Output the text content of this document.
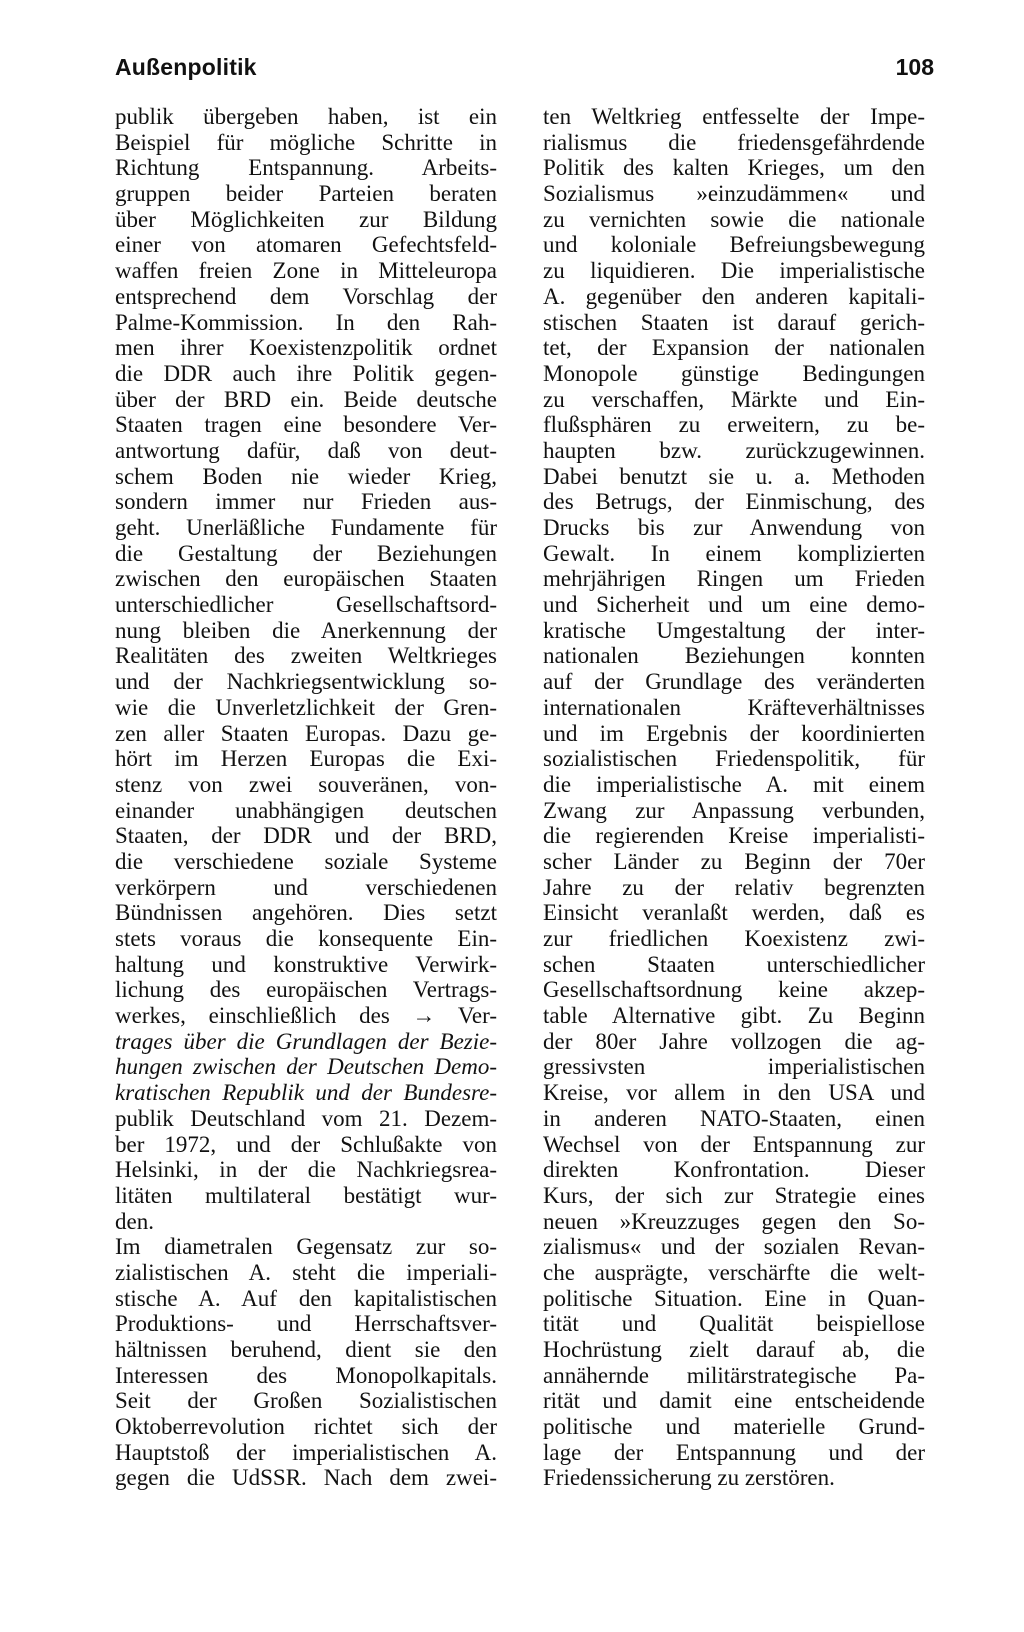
Außenpolitik	108
publik übergeben haben, ist ein
Beispiel für mögliche Schritte in
Richtung Entspannung. Arbeits-
gruppen beider Parteien beraten
über Möglichkeiten zur Bildung
einer von atomaren Gefechtsfeld-
waffen freien Zone in Mitteleuropa
entsprechend dem Vorschlag der
Palme-Kommission. In den Rah-
men ihrer Koexistenzpolitik ordnet
die DDR auch ihre Politik gegen-
über der BRD ein. Beide deutsche
Staaten tragen eine besondere Ver-
antwortung dafür, daß von deut-
schem Boden nie wieder Krieg,
sondern immer nur Frieden aus-
geht. Unerläßliche Fundamente für
die Gestaltung der Beziehungen
zwischen den europäischen Staaten
unterschiedlicher Gesellschaftsord-
nung bleiben die Anerkennung der
Realitäten des zweiten Weltkrieges
und der Nachkriegsentwicklung so-
wie die Unverletzlichkeit der Gren-
zen aller Staaten Europas. Dazu ge-
hört im Herzen Europas die Exi-
stenz von zwei souveränen, von-
einander unabhängigen deutschen
Staaten, der DDR und der BRD,
die verschiedene soziale Systeme
verkörpern und verschiedenen
Bündnissen angehören. Dies setzt
stets voraus die konsequente Ein-
haltung und konstruktive Verwirk-
lichung des europäischen Vertrags-
werkes, einschließlich des → Ver-
trages über die Grundlagen der Bezie-
hungen zwischen der Deutschen Demo-
kratischen Republik und der Bundesre-
publik Deutschland vom 21. Dezem-
ber 1972, und der Schlußakte von
Helsinki, in der die Nachkriegsrea-
litäten multilateral bestätigt wur-
den.
Im diametralen Gegensatz zur so-
zialistischen A. steht die imperiali-
stische A. Auf den kapitalistischen
Produktions- und Herrschaftsver-
hältnissen beruhend, dient sie den
Interessen des Monopolkapitals.
Seit der Großen Sozialistischen
Oktoberrevolution richtet sich der
Hauptstoß der imperialistischen A.
gegen die UdSSR. Nach dem zwei-
ten Weltkrieg entfesselte der Impe-
rialismus die friedensgefährdende
Politik des kalten Krieges, um den
Sozialismus »einzudämmen« und
zu vernichten sowie die nationale
und koloniale Befreiungsbewegung
zu liquidieren. Die imperialistische
A. gegenüber den anderen kapitali-
stischen Staaten ist darauf gerich-
tet, der Expansion der nationalen
Monopole günstige Bedingungen
zu verschaffen, Märkte und Ein-
flußsphären zu erweitern, zu be-
haupten bzw. zurückzugewinnen.
Dabei benutzt sie u. a. Methoden
des Betrugs, der Einmischung, des
Drucks bis zur Anwendung von
Gewalt. In einem komplizierten
mehrjährigen Ringen um Frieden
und Sicherheit und um eine demo-
kratische Umgestaltung der inter-
nationalen Beziehungen konnten
auf der Grundlage des veränderten
internationalen Kräfteverhältnisses
und im Ergebnis der koordinierten
sozialistischen Friedenspolitik, für
die imperialistische A. mit einem
Zwang zur Anpassung verbunden,
die regierenden Kreise imperialisti-
scher Länder zu Beginn der 70er
Jahre zu der relativ begrenzten
Einsicht veranlaßt werden, daß es
zur friedlichen Koexistenz zwi-
schen Staaten unterschiedlicher
Gesellschaftsordnung keine akzep-
table Alternative gibt. Zu Beginn
der 80er Jahre vollzogen die ag-
gressivsten imperialistischen
Kreise, vor allem in den USA und
in anderen NATO-Staaten, einen
Wechsel von der Entspannung zur
direkten Konfrontation. Dieser
Kurs, der sich zur Strategie eines
neuen »Kreuzzuges gegen den So-
zialismus« und der sozialen Revan-
che ausprägte, verschärfte die welt-
politische Situation. Eine in Quan-
tität und Qualität beispiellose
Hochrüstung zielt darauf ab, die
annähernde militärstrategische Pa-
rität und damit eine entscheidende
politische und materielle Grund-
lage der Entspannung und der
Friedenssicherung zu zerstören.
